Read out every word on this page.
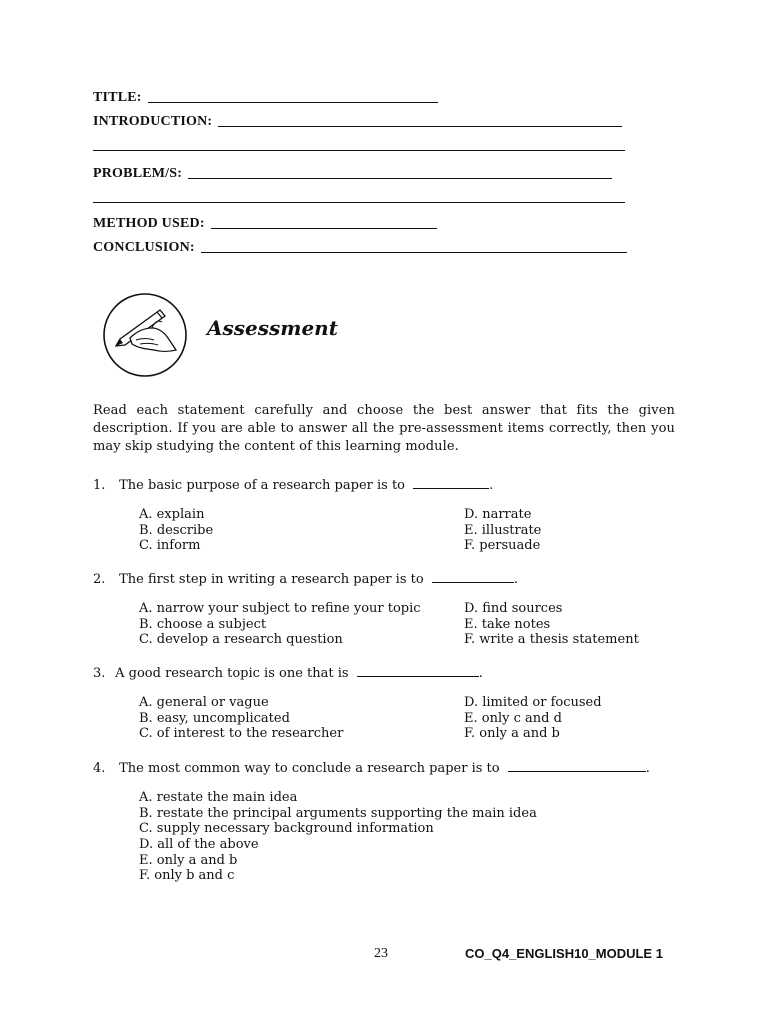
TITLE:
INTRODUCTION:
PROBLEM/S:
METHOD USED:
CONCLUSION:
Assessment
Read each statement carefully and choose the best answer that fits the given description. If you are able to answer all the pre-assessment items correctly, then you may skip studying the content of this learning module.
1. The basic purpose of a research paper is to	.
A. explain
B. describe
C. inform
D. narrate
E. illustrate
F. persuade
2. The first step in writing a research paper is to	.
A. narrow your subject to refine your topic
B. choose a subject
C. develop a research question
D. find sources
E. take notes
F. write a thesis statement
3. A good research topic is one that is	.
A. general or vague
B. easy, uncomplicated
C. of interest to the researcher
D. limited or focused
E. only c and d
F. only a and b
4. The most common way to conclude a research paper is to	.
A. restate the main idea
B. restate the principal arguments supporting the main idea
C. supply necessary background information
D. all of the above
E. only a and b
F. only b and c
23	CO_Q4_ENGLISH10_MODULE 1
